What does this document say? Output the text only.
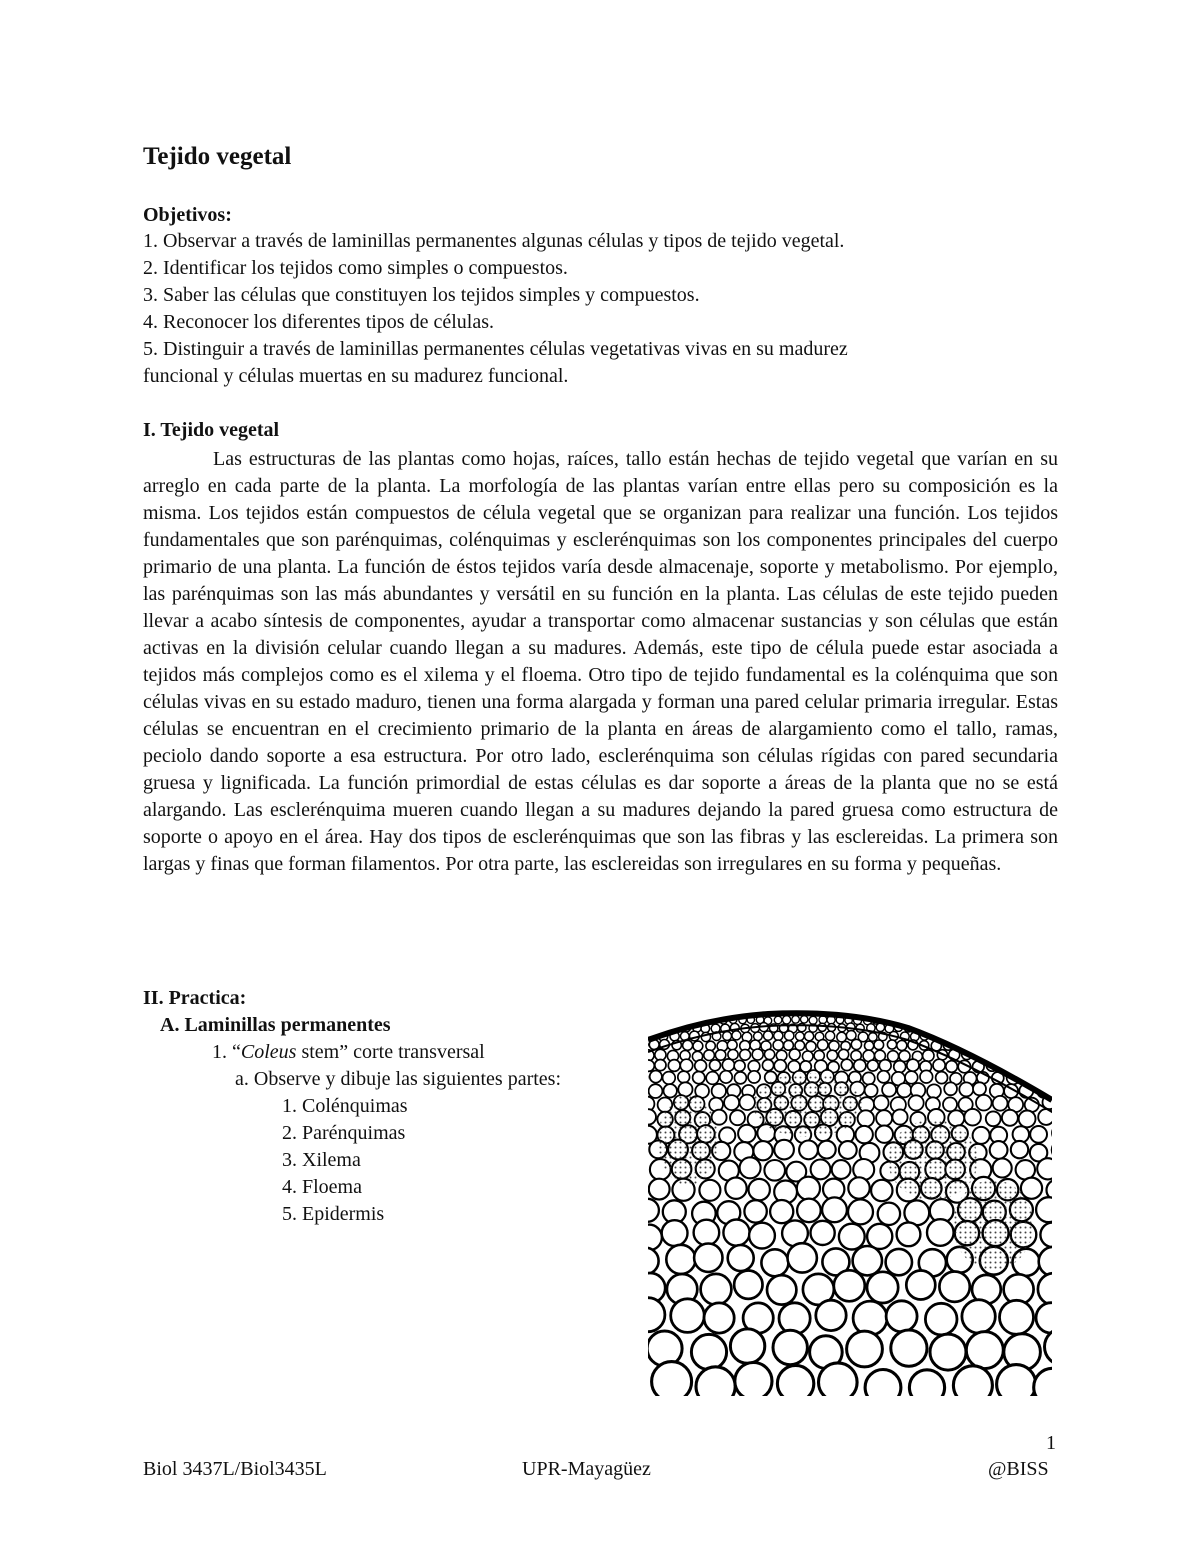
Tejido vegetal
Objetivos:
1. Observar a través de laminillas permanentes algunas células y tipos de tejido vegetal.
2. Identificar los tejidos como simples o compuestos.
3. Saber las células que constituyen los tejidos simples y compuestos.
4. Reconocer los diferentes tipos de células.
5. Distinguir a través de laminillas permanentes células vegetativas vivas en su madurez
funcional y células muertas en su madurez funcional.
I. Tejido vegetal

Las estructuras de las plantas como hojas, raíces, tallo están hechas de tejido vegetal que varían en su arreglo en cada parte de la planta. La morfología de las plantas varían entre ellas pero su composición es la misma. Los tejidos están compuestos de célula vegetal que se organizan para realizar una función. Los tejidos fundamentales que son parénquimas, colénquimas y esclerénquimas son los componentes principales del cuerpo primario de una planta. La función de éstos tejidos varía desde almacenaje, soporte y metabolismo. Por ejemplo, las parénquimas son las más abundantes y versátil en su función en la planta. Las células de este tejido pueden llevar a acabo síntesis de componentes, ayudar a transportar como almacenar sustancias y son células que están activas en la división celular cuando llegan a su madures. Además, este tipo de célula puede estar asociada a tejidos más complejos como es el xilema y el floema. Otro tipo de tejido fundamental es la colénquima que son células vivas en su estado maduro, tienen una forma alargada y forman una pared celular primaria irregular. Estas células se encuentran en el crecimiento primario de la planta en áreas de alargamiento como el tallo, ramas, peciolo dando soporte a esa estructura. Por otro lado, esclerénquima son células rígidas con pared secundaria gruesa y lignificada. La función primordial de estas células es dar soporte a áreas de la planta que no se está alargando. Las esclerénquima mueren cuando llegan a su madures dejando la pared gruesa como estructura de soporte o apoyo en el área. Hay dos tipos de esclerénquimas que son las fibras y las esclereidas. La primera son largas y finas que forman filamentos. Por otra parte, las esclereidas son irregulares en su forma y pequeñas.

II. Practica:
A. Laminillas permanentes
1. “Coleus stem” corte transversal
a. Observe y dibuje las siguientes partes:
1. Colénquimas
2. Parénquimas
3. Xilema
4. Floema
5. Epidermis
1
Biol 3437L/Biol3435L	UPR-Mayagüez	@BISS
